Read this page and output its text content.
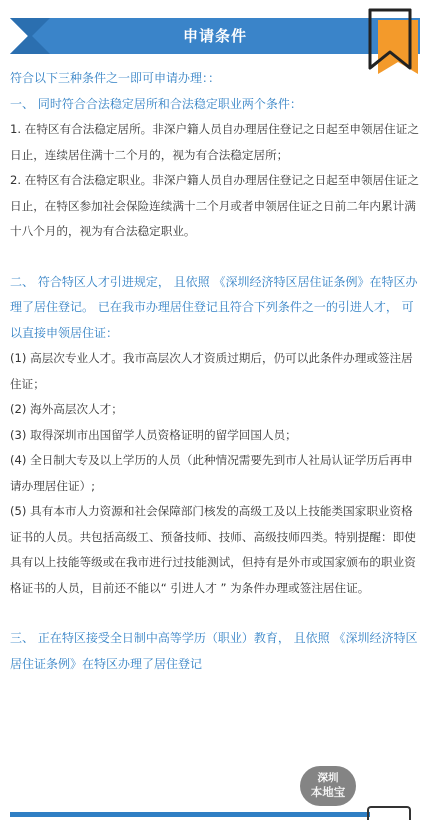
申请条件

符合以下三种条件之一即可申请办理：：

一、 同时符合合法稳定居所和合法稳定职业两个条件：

1. 在特区有合法稳定居所。非深户籍人员自办理居住登记之日起至申领居住证之日止，连续居住满十二个月的，视为有合法稳定居所；

2. 在特区有合法稳定职业。非深户籍人员自办理居住登记之日起至申领居住证之日止，在特区参加社会保险连续满十二个月或者申领居住证之日前二年内累计满十八个月的，视为有合法稳定职业。

二、 符合特区人才引进规定， 且依照 《深圳经济特区居住证条例》在特区办理了居住登记。 已在我市办理居住登记且符合下列条件之一的引进人才， 可以直接申领居住证：

(1) 高层次专业人才。我市高层次人才资质过期后，仍可以此条件办理或签注居住证；

(2) 海外高层次人才；

(3) 取得深圳市出国留学人员资格证明的留学回国人员；

(4) 全日制大专及以上学历的人员（此种情况需要先到市人社局认证学历后再申请办理居住证）;

(5) 具有本市人力资源和社会保障部门核发的高级工及以上技能类国家职业资格证书的人员。共包括高级工、预备技师、技师、高级技师四类。特别提醒：即使具有以上技能等级或在我市进行过技能测试，但持有是外市或国家颁布的职业资格证书的人员，目前还不能以“ 引进人才 ” 为条件办理或签注居住证。

三、 正在特区接受全日制中高等学历（职业）教育， 且依照 《深圳经济特区居住证条例》在特区办理了居住登记

深圳
本地宝
